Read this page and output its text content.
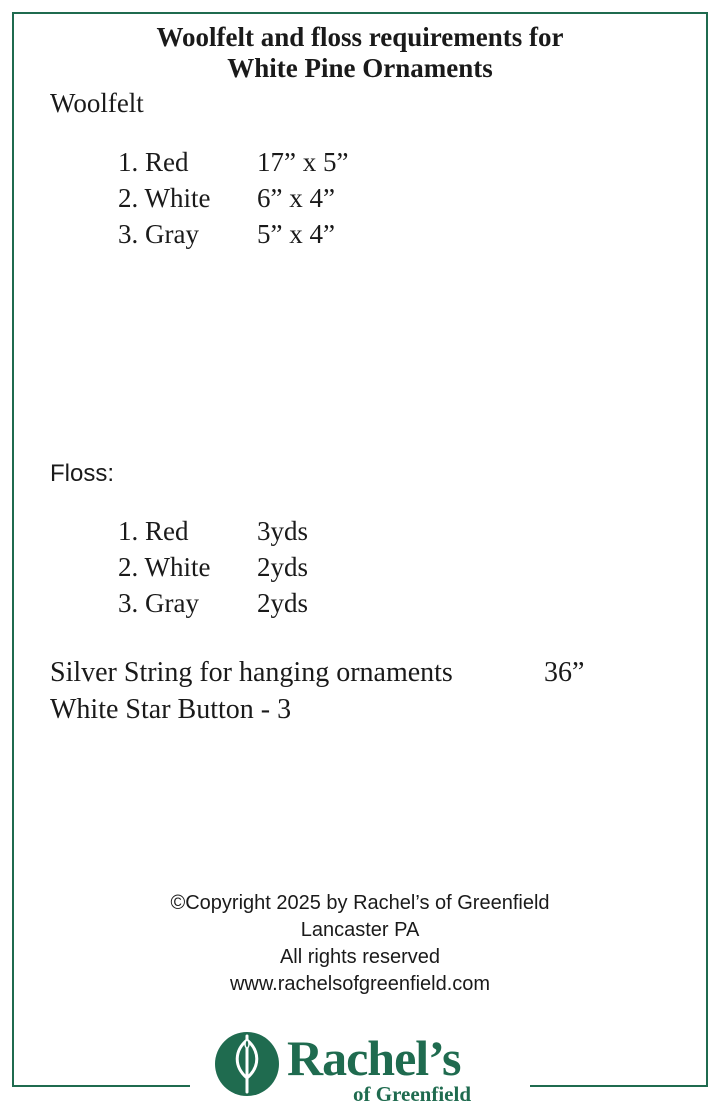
Woolfelt and floss requirements for
White Pine Ornaments
Woolfelt
1. Red	17” x 5”
2. White	6” x 4”
3. Gray	5” x 4”
Floss:
1. Red	3yds
2. White	2yds
3. Gray	2yds
Silver String for hanging ornaments	36”
White Star Button - 3
©Copyright 2025 by Rachel’s of Greenfield
Lancaster PA
All rights reserved
www.rachelsofgreenfield.com
Rachel’s
of Greenfield
